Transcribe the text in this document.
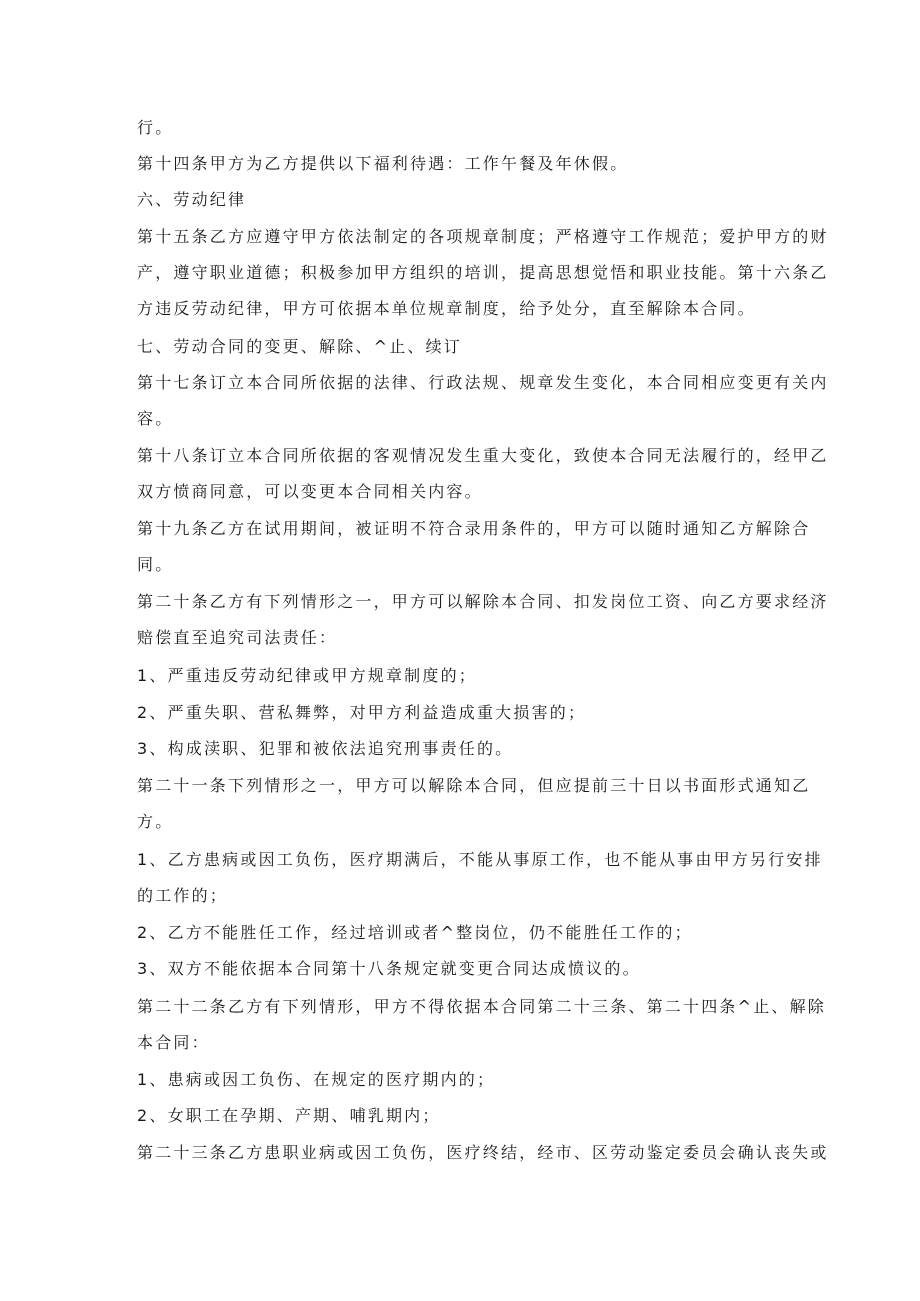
行。

第十四条甲方为乙方提供以下福利待遇：工作午餐及年休假。

六、劳动纪律

第十五条乙方应遵守甲方依法制定的各项规章制度；严格遵守工作规范；爱护甲方的财

产，遵守职业道德；积极参加甲方组织的培训，提高思想觉悟和职业技能。第十六条乙

方违反劳动纪律，甲方可依据本单位规章制度，给予处分，直至解除本合同。

七、劳动合同的变更、解除、^止、续订

第十七条订立本合同所依据的法律、行政法规、规章发生变化，本合同相应变更有关内

容。

第十八条订立本合同所依据的客观情况发生重大变化，致使本合同无法履行的，经甲乙

双方愤商同意，可以变更本合同相关内容。

第十九条乙方在试用期间，被证明不符合录用条件的，甲方可以随时通知乙方解除合

同。

第二十条乙方有下列情形之一，甲方可以解除本合同、扣发岗位工资、向乙方要求经济

赔偿直至追究司法责任：

1、严重违反劳动纪律或甲方规章制度的；

2、严重失职、营私舞弊，对甲方利益造成重大损害的；

3、构成渎职、犯罪和被依法追究刑事责任的。

第二十一条下列情形之一，甲方可以解除本合同，但应提前三十日以书面形式通知乙

方。

1、乙方患病或因工负伤，医疗期满后，不能从事原工作，也不能从事由甲方另行安排

的工作的；

2、乙方不能胜任工作，经过培训或者^整岗位，仍不能胜任工作的；

3、双方不能依据本合同第十八条规定就变更合同达成愤议的。

第二十二条乙方有下列情形，甲方不得依据本合同第二十三条、第二十四条^止、解除

本合同：

1、患病或因工负伤、在规定的医疗期内的；

2、女职工在孕期、产期、哺乳期内；

第二十三条乙方患职业病或因工负伤，医疗终结，经市、区劳动鉴定委员会确认丧失或
